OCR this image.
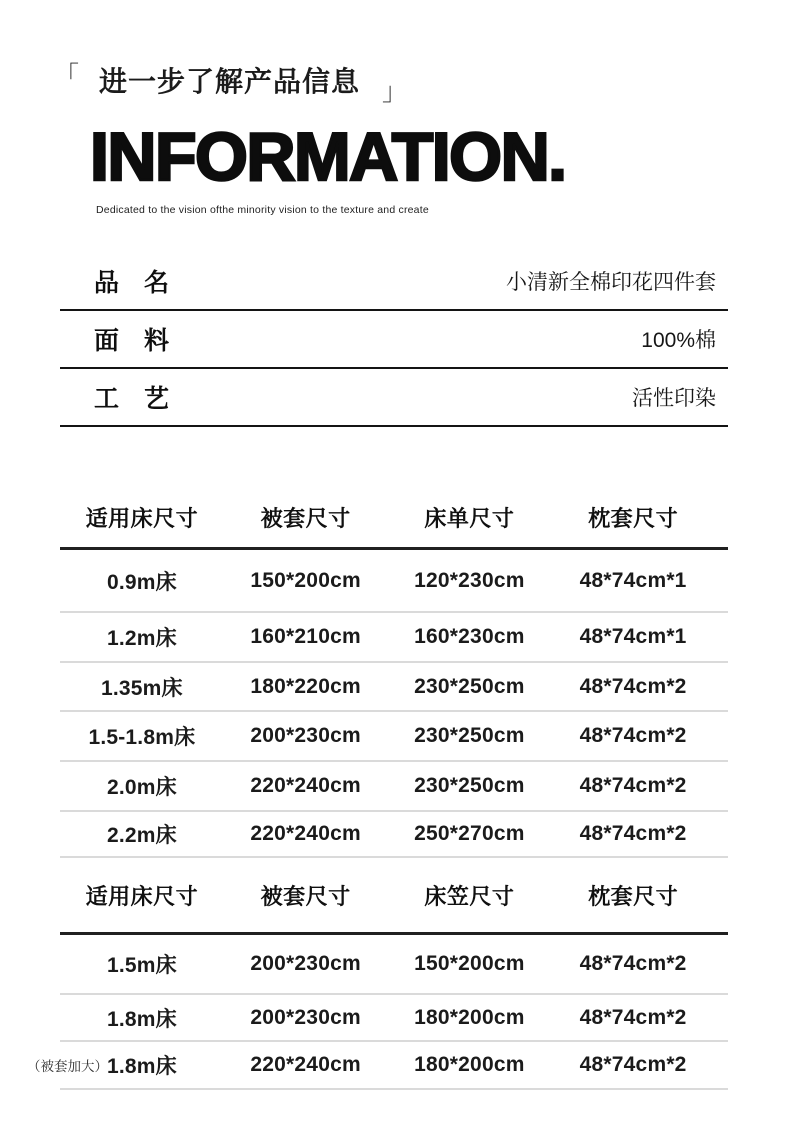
「 进一步了解产品信息 」
INFORMATION.
Dedicated to the vision ofthe minority vision to the texture and create
品　名	小清新全棉印花四件套
面　料	100%棉
工　艺	活性印染
适用床尺寸	被套尺寸	床单尺寸	枕套尺寸
0.9m床	150*200cm	120*230cm	48*74cm*1
1.2m床	160*210cm	160*230cm	48*74cm*1
1.35m床	180*220cm	230*250cm	48*74cm*2
1.5-1.8m床	200*230cm	230*250cm	48*74cm*2
2.0m床	220*240cm	230*250cm	48*74cm*2
2.2m床	220*240cm	250*270cm	48*74cm*2
适用床尺寸	被套尺寸	床笠尺寸	枕套尺寸
1.5m床	200*230cm	150*200cm	48*74cm*2
1.8m床	200*230cm	180*200cm	48*74cm*2
（被套加大）
1.8m床	220*240cm	180*200cm	48*74cm*2
